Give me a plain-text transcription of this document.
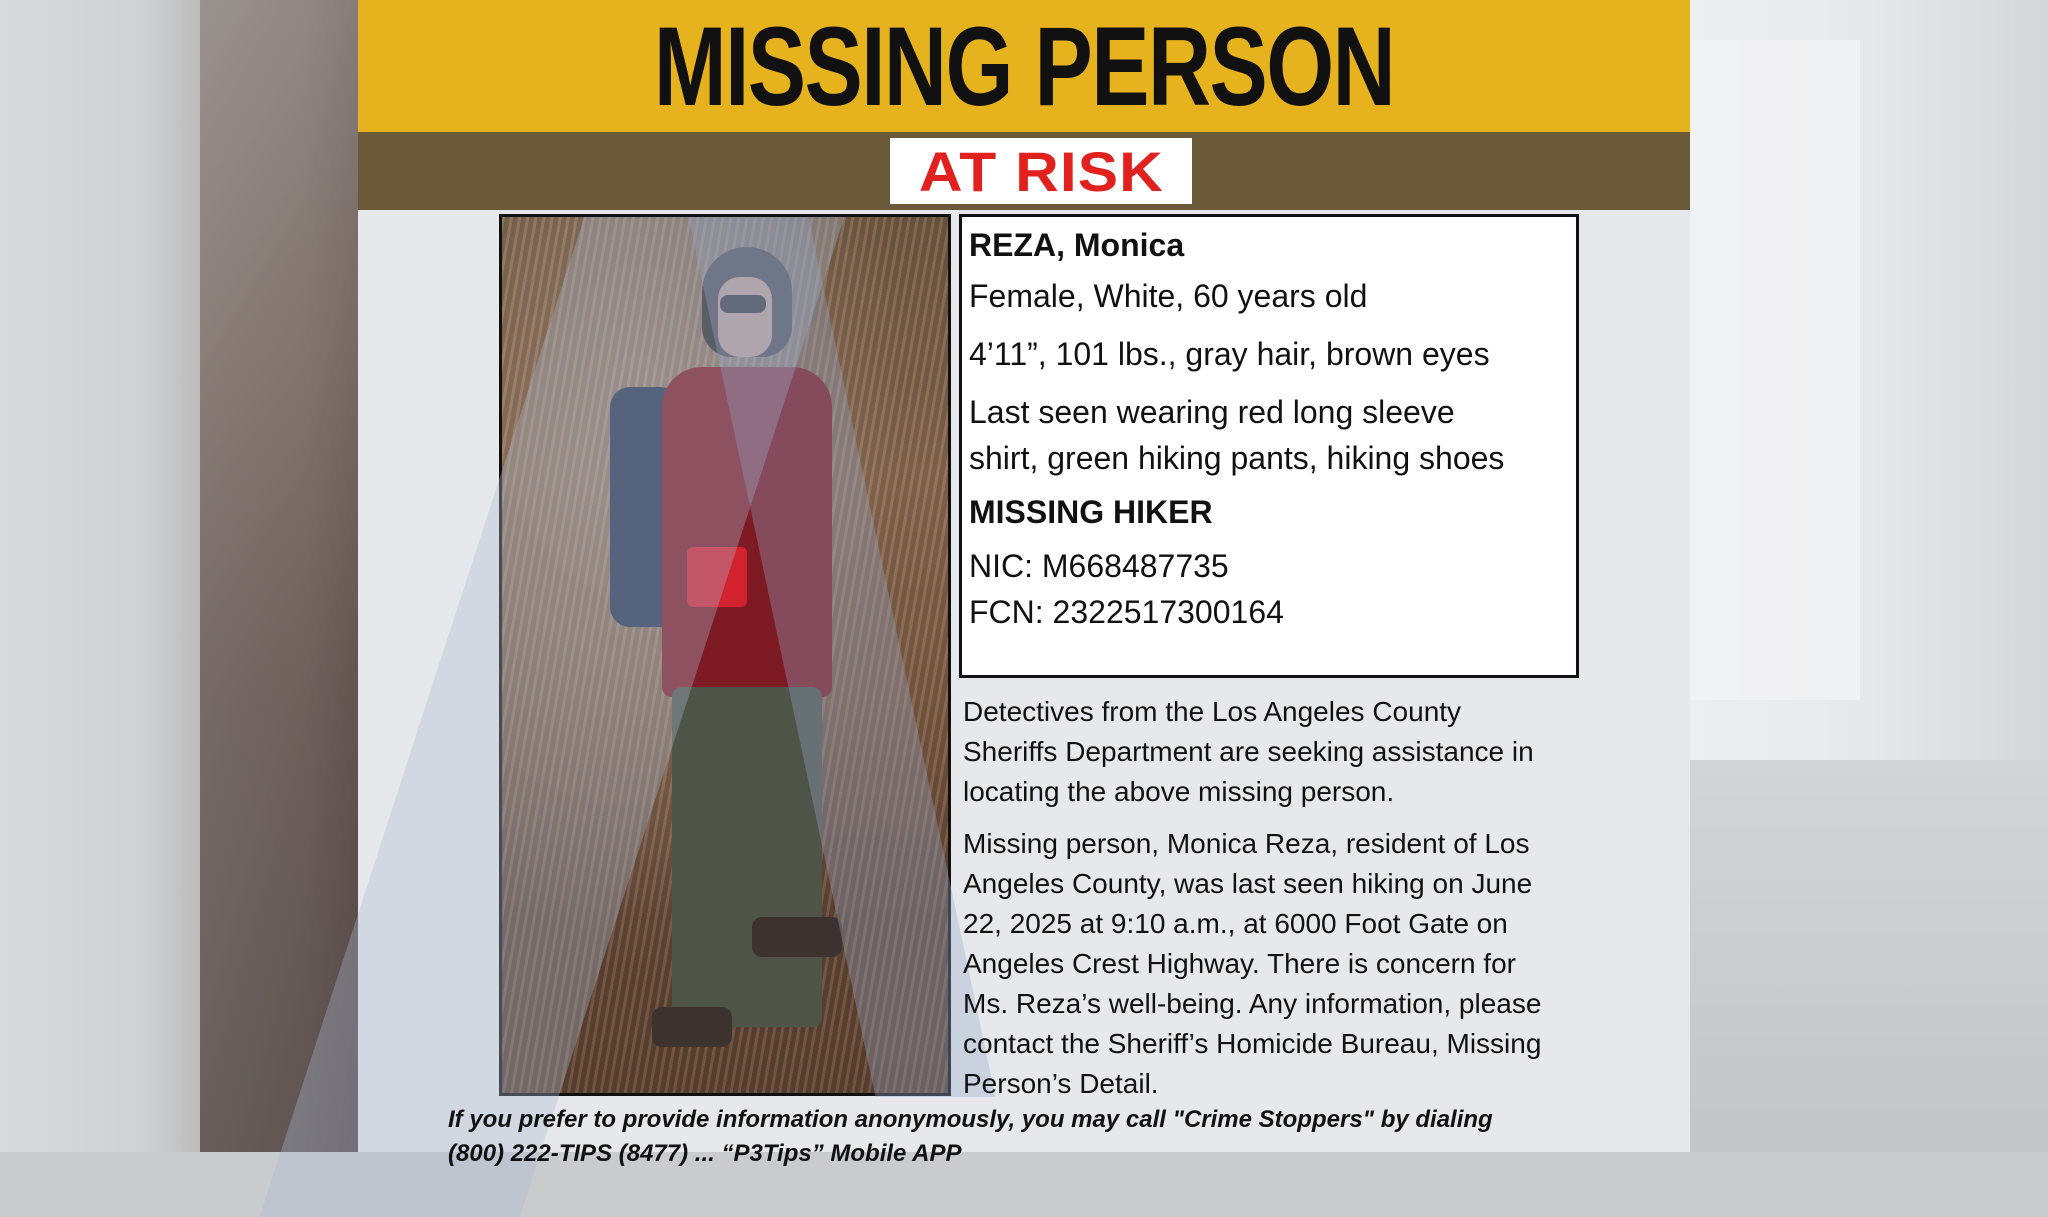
MISSING PERSON
AT RISK

REZA, Monica

Female, White, 60 years old

4’11”, 101 lbs., gray hair, brown eyes

Last seen wearing red long sleeve

shirt, green hiking pants, hiking shoes

MISSING HIKER

NIC: M668487735

FCN: 2322517300164

Detectives from the Los Angeles County
Sheriffs Department are seeking assistance in
locating the above missing person.

Missing person, Monica Reza, resident of Los
Angeles County, was last seen hiking on June
22, 2025 at 9:10 a.m., at 6000 Foot Gate on
Angeles Crest Highway. There is concern for
Ms. Reza’s well-being. Any information, please
contact the Sheriff’s Homicide Bureau, Missing
Person’s Detail.

If you prefer to provide information anonymously, you may call "Crime Stoppers" by dialing
(800) 222-TIPS (8477) ... “P3Tips” Mobile APP
